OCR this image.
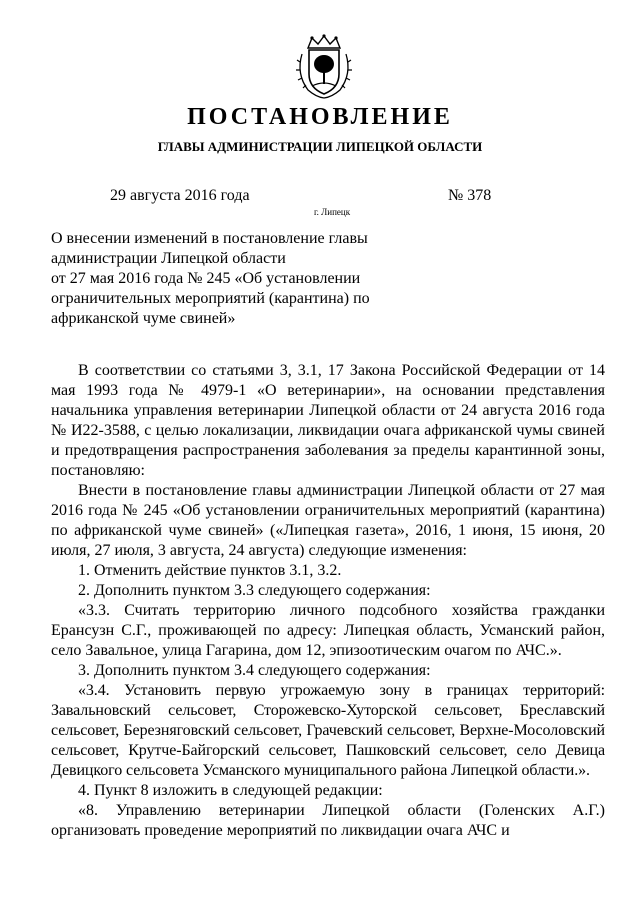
ПОСТАНОВЛЕНИЕ
ГЛАВЫ АДМИНИСТРАЦИИ ЛИПЕЦКОЙ ОБЛАСТИ
29 августа 2016 года
г. Липецк
№ 378
О внесении изменений в постановление главы
администрации Липецкой области
от 27 мая 2016 года № 245 «Об установлении
ограничительных мероприятий (карантина) по
африканской чуме свиней»

В соответствии со статьями 3, 3.1, 17 Закона Российской Федерации от 14 мая 1993 года № 4979-1 «О ветеринарии», на основании представления начальника управления ветеринарии Липецкой области от 24 августа 2016 года № И22-3588, с целью локализации, ликвидации очага африканской чумы свиней и предотвращения распространения заболевания за пределы карантинной зоны, постановляю:

Внести в постановление главы администрации Липецкой области от 27 мая 2016 года № 245 «Об установлении ограничительных мероприятий (карантина) по африканской чуме свиней» («Липецкая газета», 2016, 1 июня, 15 июня, 20 июля, 27 июля, 3 августа, 24 августа) следующие изменения:

1. Отменить действие пунктов 3.1, 3.2.

2. Дополнить пунктом 3.3 следующего содержания:

«3.3. Считать территорию личного подсобного хозяйства гражданки Ерансузн С.Г., проживающей по адресу: Липецкая область, Усманский район, село Завальное, улица Гагарина, дом 12, эпизоотическим очагом по АЧС.».

3. Дополнить пунктом 3.4 следующего содержания:

«3.4. Установить первую угрожаемую зону в границах территорий: Завальновский сельсовет, Сторожевско-Хуторской сельсовет, Бреславский сельсовет, Березняговский сельсовет, Грачевский сельсовет, Верхне-Мосоловский сельсовет, Крутче-Байгорский сельсовет, Пашковский сельсовет, село Девица Девицкого сельсовета Усманского муниципального района Липецкой области.».

4. Пункт 8 изложить в следующей редакции:

«8. Управлению ветеринарии Липецкой области (Голенских А.Г.) организовать проведение мероприятий по ликвидации очага АЧС и
